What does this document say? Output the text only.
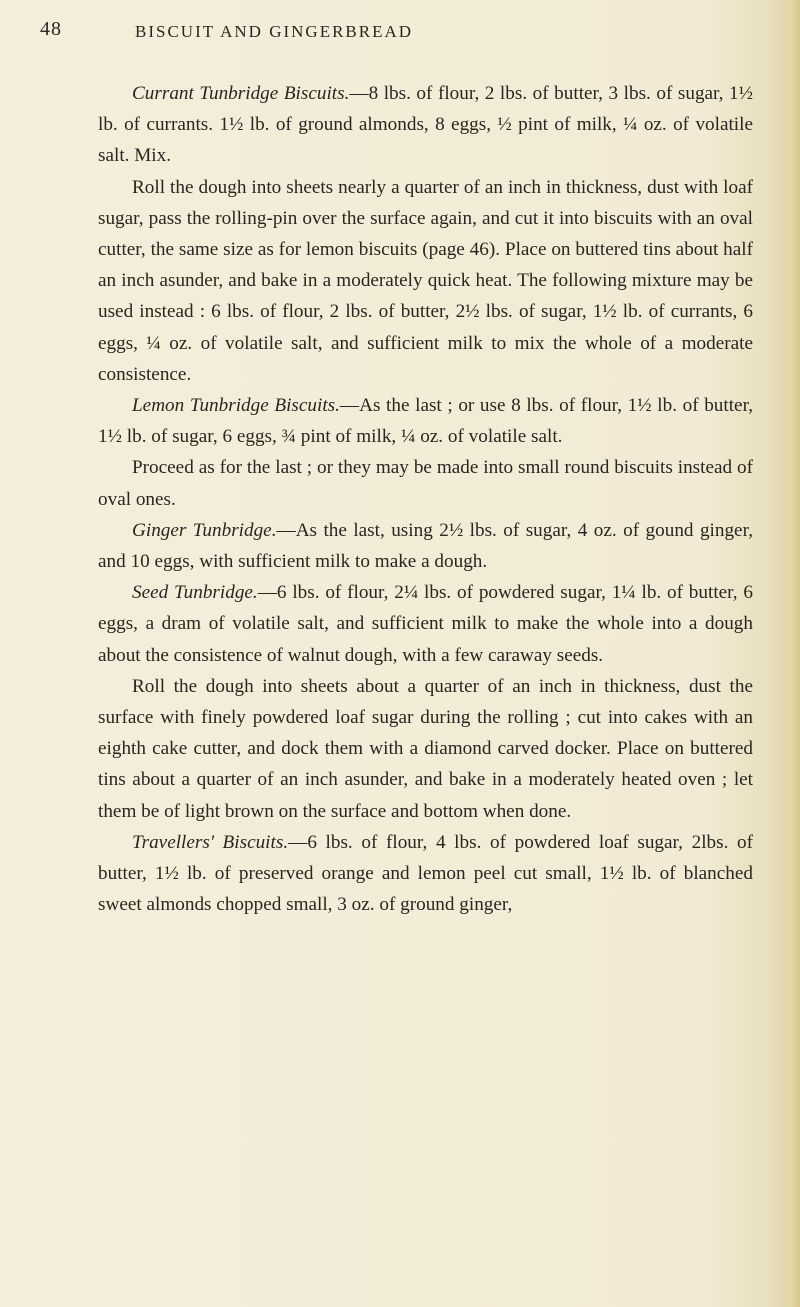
48	BISCUIT AND GINGERBREAD

Currant Tunbridge Biscuits.—8 lbs. of flour, 2 lbs. of butter, 3 lbs. of sugar, 1½ lb. of currants. 1½ lb. of ground almonds, 8 eggs, ½ pint of milk, ¼ oz. of volatile salt. Mix.

Roll the dough into sheets nearly a quarter of an inch in thickness, dust with loaf sugar, pass the rolling-pin over the surface again, and cut it into biscuits with an oval cutter, the same size as for lemon biscuits (page 46). Place on buttered tins about half an inch asunder, and bake in a moderately quick heat. The following mixture may be used instead : 6 lbs. of flour, 2 lbs. of butter, 2½ lbs. of sugar, 1½ lb. of currants, 6 eggs, ¼ oz. of volatile salt, and sufficient milk to mix the whole of a moderate consistence.

Lemon Tunbridge Biscuits.—As the last ; or use 8 lbs. of flour, 1½ lb. of butter, 1½ lb. of sugar, 6 eggs, ¾ pint of milk, ¼ oz. of volatile salt.

Proceed as for the last ; or they may be made into small round biscuits instead of oval ones.

Ginger Tunbridge.—As the last, using 2½ lbs. of sugar, 4 oz. of gound ginger, and 10 eggs, with sufficient milk to make a dough.

Seed Tunbridge.—6 lbs. of flour, 2¼ lbs. of powdered sugar, 1¼ lb. of butter, 6 eggs, a dram of volatile salt, and sufficient milk to make the whole into a dough about the consistence of walnut dough, with a few caraway seeds.

Roll the dough into sheets about a quarter of an inch in thickness, dust the surface with finely powdered loaf sugar during the rolling ; cut into cakes with an eighth cake cutter, and dock them with a diamond carved docker. Place on buttered tins about a quarter of an inch asunder, and bake in a moderately heated oven ; let them be of light brown on the surface and bottom when done.

Travellers' Biscuits.—6 lbs. of flour, 4 lbs. of powdered loaf sugar, 2lbs. of butter, 1½ lb. of preserved orange and lemon peel cut small, 1½ lb. of blanched sweet almonds chopped small, 3 oz. of ground ginger,
